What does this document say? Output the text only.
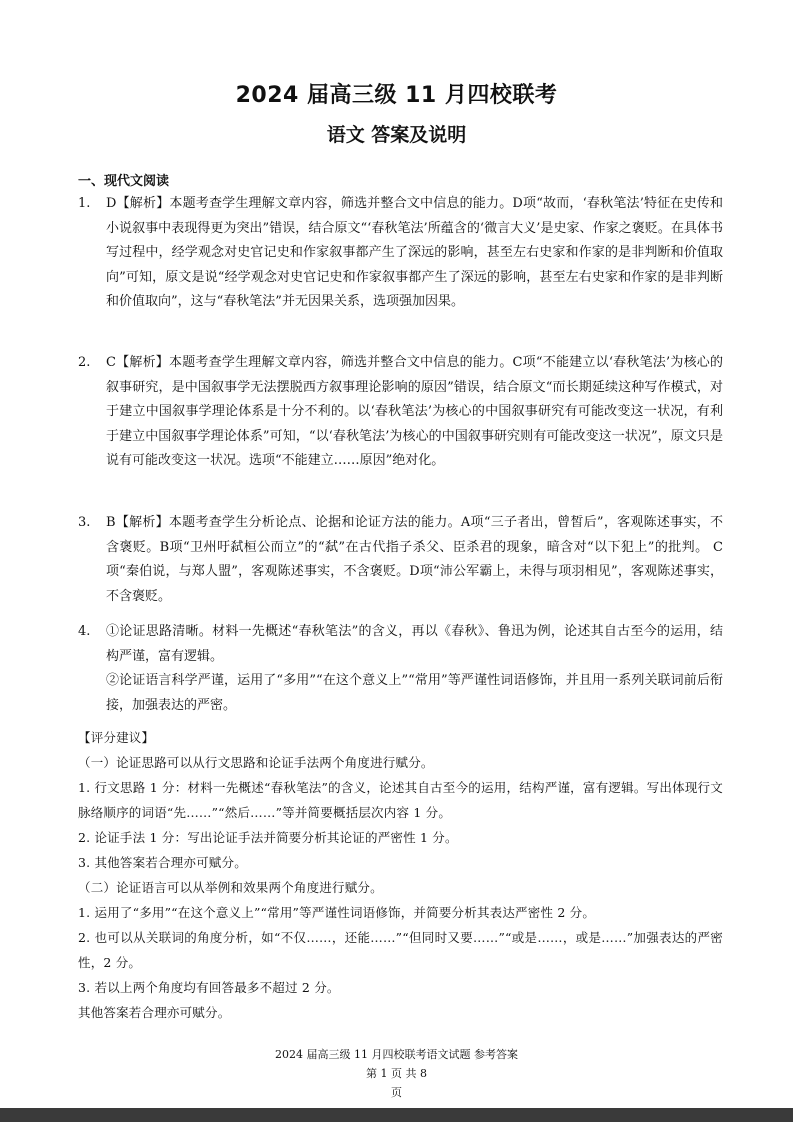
2024 届高三级 11 月四校联考
语文 答案及说明
一、现代文阅读
1.	D【解析】本题考查学生理解文章内容，筛选并整合文中信息的能力。D项“故而，‘春秋笔法’特征在史传和小说叙事中表现得更为突出”错误，结合原文“‘春秋笔法’所蕴含的‘微言大义’是史家、作家之褒贬。在具体书写过程中，经学观念对史官记史和作家叙事都产生了深远的影响，甚至左右史家和作家的是非判断和价值取向”可知，原文是说“经学观念对史官记史和作家叙事都产生了深远的影响，甚至左右史家和作家的是非判断和价值取向”，这与“春秋笔法”并无因果关系，选项强加因果。

2.	C【解析】本题考查学生理解文章内容，筛选并整合文中信息的能力。C项“不能建立以‘春秋笔法’为核心的叙事研究，是中国叙事学无法摆脱西方叙事理论影响的原因”错误，结合原文“而长期延续这种写作模式，对于建立中国叙事学理论体系是十分不利的。以‘春秋笔法’为核心的中国叙事研究有可能改变这一状况，有利于建立中国叙事学理论体系”可知，“以‘春秋笔法’为核心的中国叙事研究则有可能改变这一状况”，原文只是说有可能改变这一状况。选项“不能建立……原因”绝对化。

3.	B【解析】本题考查学生分析论点、论据和论证方法的能力。A项“三子者出，曾皙后”，客观陈述事实，不含褒贬。B项“卫州吁弑桓公而立”的“弑”在古代指子杀父、臣杀君的现象，暗含对“以下犯上”的批判。 C项“秦伯说，与郑人盟”，客观陈述事实，不含褒贬。D项“沛公军霸上，未得与项羽相见”，客观陈述事实，不含褒贬。

4.	①论证思路清晰。材料一先概述“春秋笔法”的含义，再以《春秋》、鲁迅为例，论述其自古至今的运用，结构严谨，富有逻辑。

②论证语言科学严谨，运用了“多用”“在这个意义上”“常用”等严谨性词语修饰，并且用一系列关联词前后衔接，加强表达的严密。

【评分建议】

（一）论证思路可以从行文思路和论证手法两个角度进行赋分。

1. 行文思路 1 分：材料一先概述“春秋笔法”的含义，论述其自古至今的运用，结构严谨，富有逻辑。写出体现行文脉络顺序的词语“先……”“然后……”等并简要概括层次内容 1 分。

2. 论证手法 1 分：写出论证手法并简要分析其论证的严密性 1 分。

3. 其他答案若合理亦可赋分。

（二）论证语言可以从举例和效果两个角度进行赋分。

1. 运用了“多用”“在这个意义上”“常用”等严谨性词语修饰，并简要分析其表达严密性 2 分。

2. 也可以从关联词的角度分析，如“不仅……，还能……”“但同时又要……”“或是……，或是……”加强表达的严密性，2 分。

3. 若以上两个角度均有回答最多不超过 2 分。

其他答案若合理亦可赋分。

2024 届高三级 11 月四校联考语文试题 参考答案
第 1 页 共 8
页
